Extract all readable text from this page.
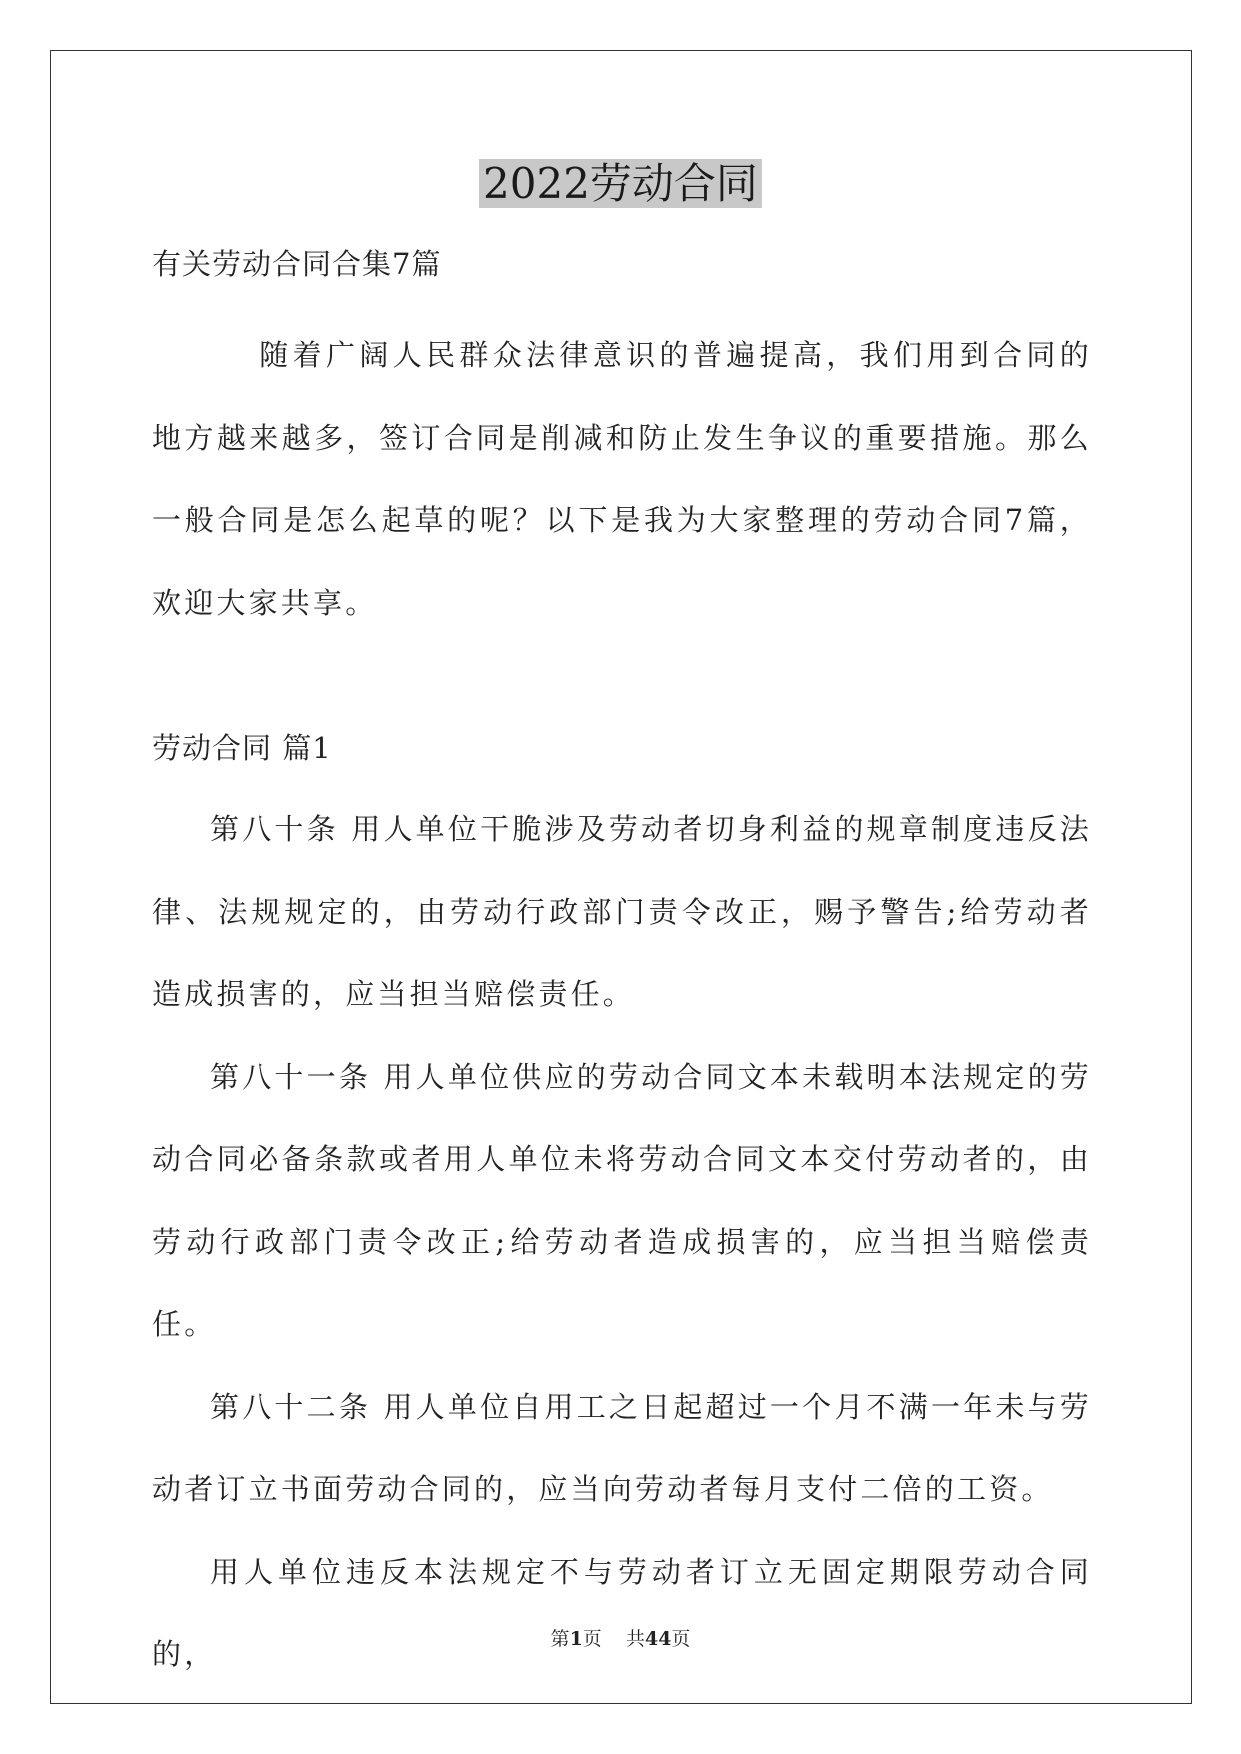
2022劳动合同

有关劳动合同合集7篇

随着广阔人民群众法律意识的普遍提高，我们用到合同的地方越来越多，签订合同是削减和防止发生争议的重要措施。那么一般合同是怎么起草的呢？以下是我为大家整理的劳动合同7篇，欢迎大家共享。

劳动合同 篇1

第八十条 用人单位干脆涉及劳动者切身利益的规章制度违反法律、法规规定的，由劳动行政部门责令改正，赐予警告;给劳动者造成损害的，应当担当赔偿责任。

第八十一条 用人单位供应的劳动合同文本未载明本法规定的劳动合同必备条款或者用人单位未将劳动合同文本交付劳动者的，由劳动行政部门责令改正;给劳动者造成损害的，应当担当赔偿责任。

第八十二条 用人单位自用工之日起超过一个月不满一年未与劳动者订立书面劳动合同的，应当向劳动者每月支付二倍的工资。

用人单位违反本法规定不与劳动者订立无固定期限劳动合同的，	第1页    共44页
